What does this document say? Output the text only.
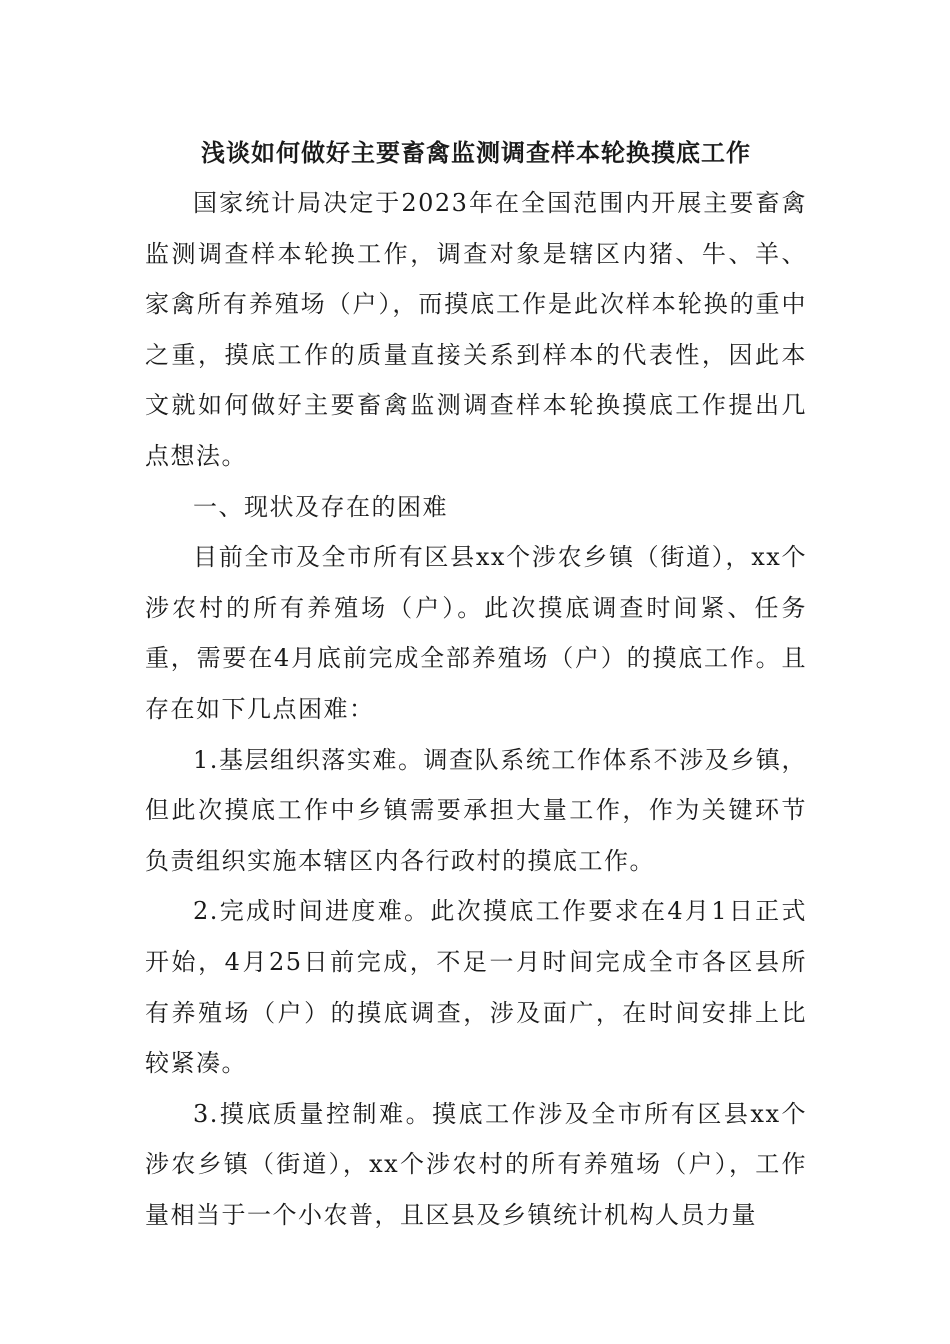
浅谈如何做好主要畜禽监测调查样本轮换摸底工作

国家统计局决定于2023年在全国范围内开展主要畜禽监测调查样本轮换工作，调查对象是辖区内猪、牛、羊、家禽所有养殖场（户），而摸底工作是此次样本轮换的重中之重，摸底工作的质量直接关系到样本的代表性，因此本文就如何做好主要畜禽监测调查样本轮换摸底工作提出几点想法。

一、现状及存在的困难

目前全市及全市所有区县xx个涉农乡镇（街道），xx个涉农村的所有养殖场（户）。此次摸底调查时间紧、任务重，需要在4月底前完成全部养殖场（户）的摸底工作。且存在如下几点困难：

1.基层组织落实难。调查队系统工作体系不涉及乡镇，但此次摸底工作中乡镇需要承担大量工作，作为关键环节负责组织实施本辖区内各行政村的摸底工作。

2.完成时间进度难。此次摸底工作要求在4月1日正式开始，4月25日前完成，不足一月时间完成全市各区县所有养殖场（户）的摸底调查，涉及面广，在时间安排上比较紧凑。

3.摸底质量控制难。摸底工作涉及全市所有区县xx个涉农乡镇（街道），xx个涉农村的所有养殖场（户），工作量相当于一个小农普，且区县及乡镇统计机构人员力量
